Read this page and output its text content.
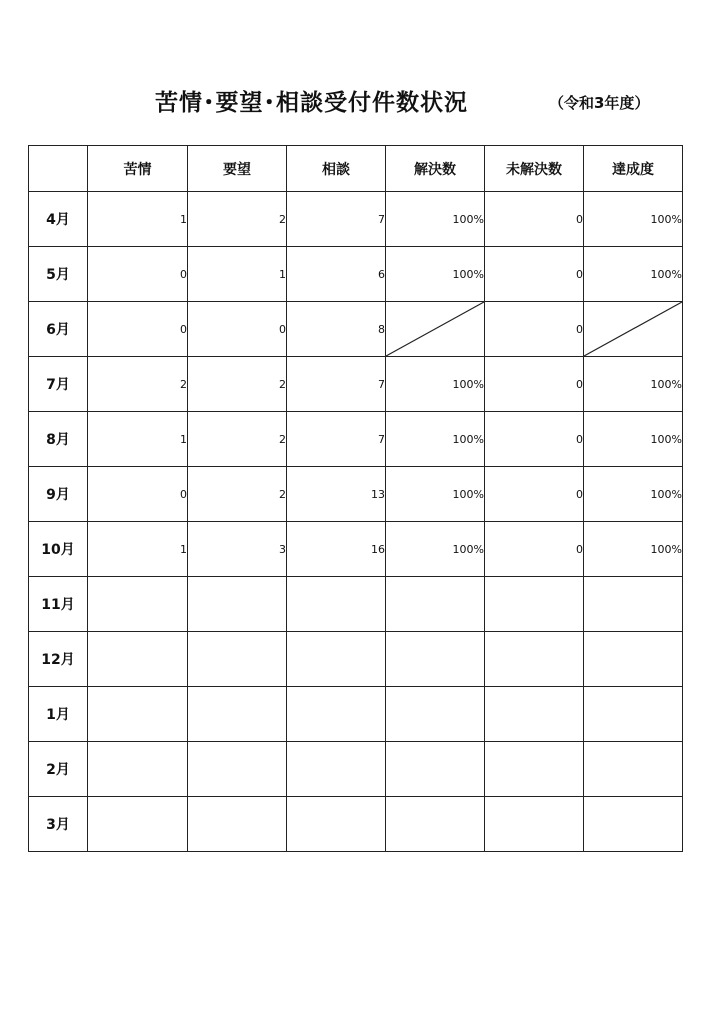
苦情･要望･相談受付件数状況	（令和3年度）
	苦情	要望	相談	解決数	未解決数	達成度
4月	1	2	7	100%	0	100%
5月	0	1	6	100%	0	100%
6月	0	0	8		0	

7月	2	2	7	100%	0	100%
8月	1	2	7	100%	0	100%
9月	0	2	13	100%	0	100%
10月	1	3	16	100%	0	100%
11月						
12月						
1月						
2月						
3月						
